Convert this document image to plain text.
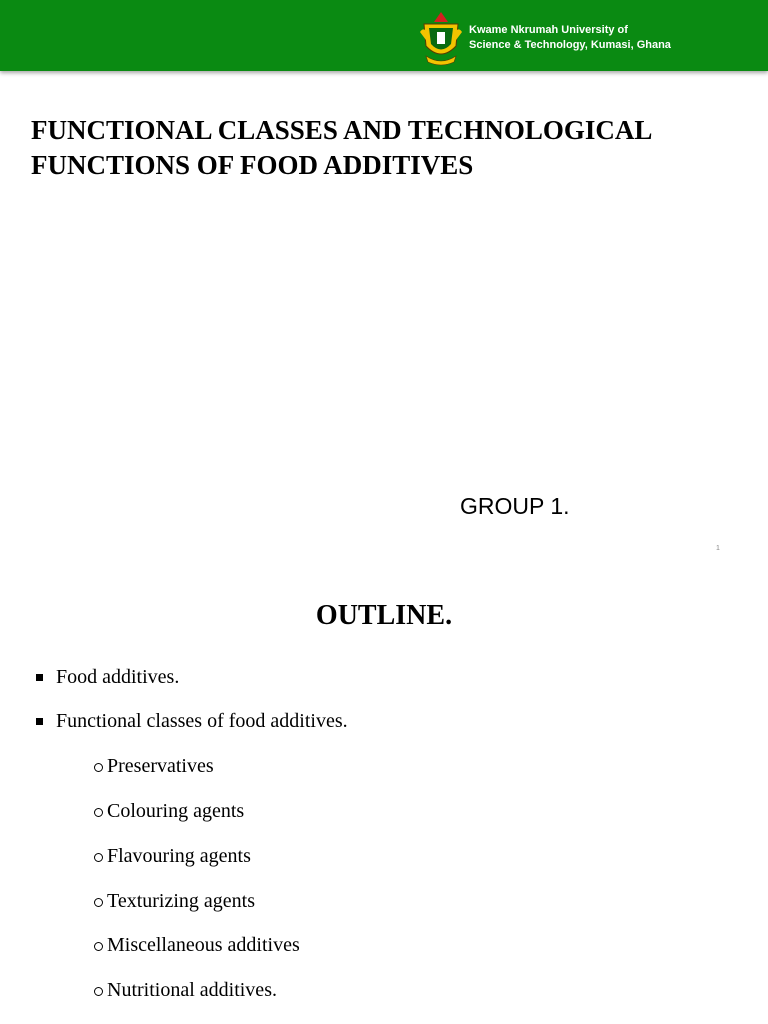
Kwame Nkrumah University of
Science & Technology, Kumasi, Ghana
FUNCTIONAL CLASSES AND TECHNOLOGICAL
FUNCTIONS OF FOOD ADDITIVES
GROUP 1.
1
OUTLINE.
Food additives.
Functional classes of food additives.
Preservatives
Colouring agents
Flavouring agents
Texturizing agents
Miscellaneous additives
Nutritional additives.
